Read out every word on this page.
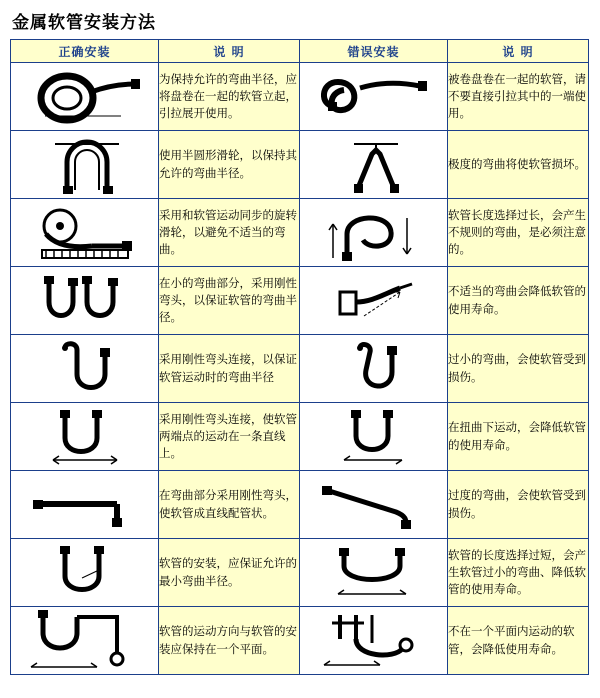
金属软管安装方法
正确安装	说 明	错误安装	说 明

	为保持允许的弯曲半径，应将盘卷在一起的软管立起，引拉展开使用。		被卷盘卷在一起的软管，请不要直接引拉其中的一端使用。

	使用半圆形滑轮，以保持其允许的弯曲半径。		极度的弯曲将使软管损坏。

	采用和软管运动同步的旋转滑轮，以避免不适当的弯曲。		软管长度选择过长，会产生不规则的弯曲，是必须注意的。

	在小的弯曲部分，采用刚性弯头，以保证软管的弯曲半径。		不适当的弯曲会降低软管的使用寿命。

	采用刚性弯头连接，以保证软管运动时的弯曲半径		过小的弯曲，会使软管受到损伤。

	采用刚性弯头连接，使软管两端点的运动在一条直线上。		在扭曲下运动，会降低软管的使用寿命。

	在弯曲部分采用刚性弯头，使软管成直线配管状。		过度的弯曲，会使软管受到损伤。

	软管的安装，应保证允许的最小弯曲半径。		软管的长度选择过短，会产生软管过小的弯曲、降低软管的使用寿命。

	软管的运动方向与软管的安装应保持在一个平面。		不在一个平面内运动的软管，会降低使用寿命。
